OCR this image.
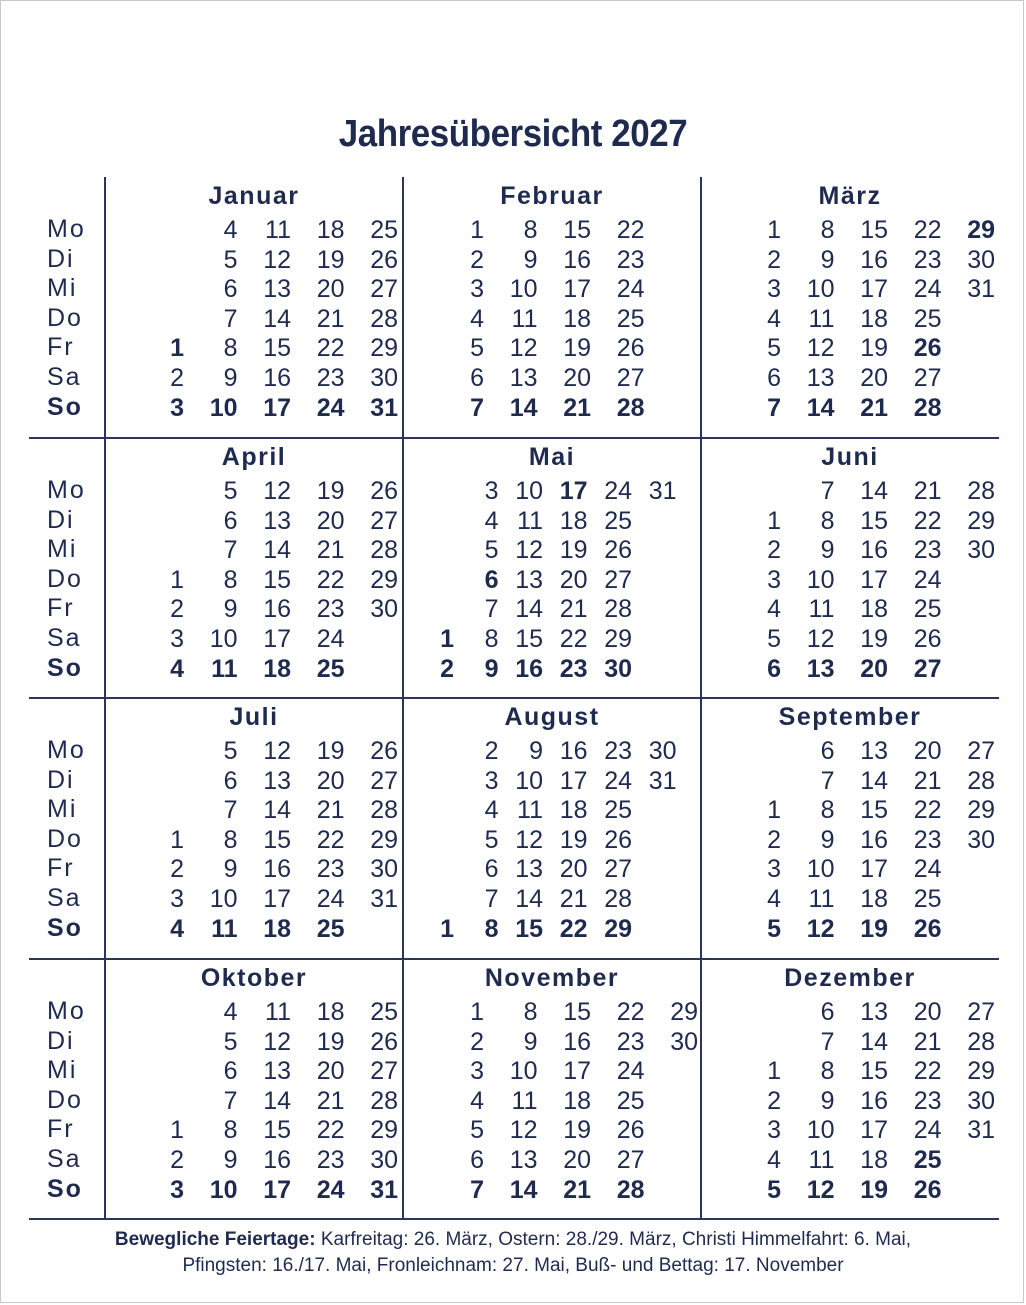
Jahresübersicht 2027
Januar
1
2
3
4
5
6
7
8
9
10
11
12
13
14
15
16
17
18
19
20
21
22
23
24
25
26
27
28
29
30
31
Mo
Di
Mi
Do
Fr
Sa
So
Februar
1
2
3
4
5
6
7
8
9
10
11
12
13
14
15
16
17
18
19
20
21
22
23
24
25
26
27
28
März
1
2
3
4
5
6
7
8
9
10
11
12
13
14
15
16
17
18
19
20
21
22
23
24
25
26
27
28
29
30
31
April
1
2
3
4
5
6
7
8
9
10
11
12
13
14
15
16
17
18
19
20
21
22
23
24
25
26
27
28
29
30
Mo
Di
Mi
Do
Fr
Sa
So
Mai
1
2
3
4
5
6
7
8
9
10
11
12
13
14
15
16
17
18
19
20
21
22
23
24
25
26
27
28
29
30
31
Juni
1
2
3
4
5
6
7
8
9
10
11
12
13
14
15
16
17
18
19
20
21
22
23
24
25
26
27
28
29
30
Juli
1
2
3
4
5
6
7
8
9
10
11
12
13
14
15
16
17
18
19
20
21
22
23
24
25
26
27
28
29
30
31
Mo
Di
Mi
Do
Fr
Sa
So
August
1
2
3
4
5
6
7
8
9
10
11
12
13
14
15
16
17
18
19
20
21
22
23
24
25
26
27
28
29
30
31
September
1
2
3
4
5
6
7
8
9
10
11
12
13
14
15
16
17
18
19
20
21
22
23
24
25
26
27
28
29
30
Oktober
1
2
3
4
5
6
7
8
9
10
11
12
13
14
15
16
17
18
19
20
21
22
23
24
25
26
27
28
29
30
31
Mo
Di
Mi
Do
Fr
Sa
So
November
1
2
3
4
5
6
7
8
9
10
11
12
13
14
15
16
17
18
19
20
21
22
23
24
25
26
27
28
29
30
Dezember
1
2
3
4
5
6
7
8
9
10
11
12
13
14
15
16
17
18
19
20
21
22
23
24
25
26
27
28
29
30
31
Bewegliche Feiertage: Karfreitag: 26. März, Ostern: 28./29. März, Christi Himmelfahrt: 6. Mai,
Pfingsten: 16./17. Mai, Fronleichnam: 27. Mai, Buß- und Bettag: 17. November
